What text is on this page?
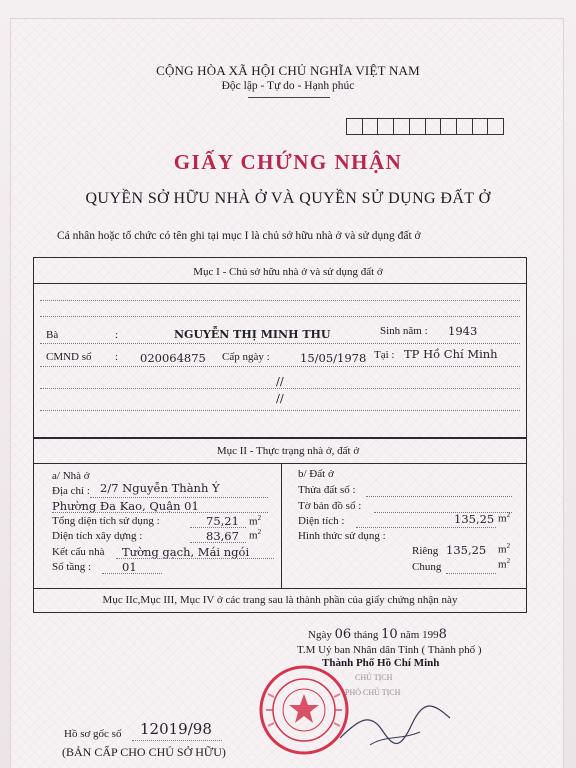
CỘNG HÒA XÃ HỘI CHỦ NGHĨA VIỆT NAM
Độc lập - Tự do - Hạnh phúc
GIẤY CHỨNG NHẬN
QUYỀN SỞ HỮU NHÀ Ở VÀ QUYỀN SỬ DỤNG ĐẤT Ở
Cá nhân hoặc tổ chức có tên ghi tại mục I là chủ sở hữu nhà ở và sử dụng đất ở
Mục I - Chủ sở hữu nhà ở và sử dụng đất ở
Bà	:	NGUYỄN THỊ MINH THU	Sinh năm : 1943
CMND số : 020064875 Cấp ngày :	15/05/1978 Tại : TP Hồ Chí Minh
//
//
Mục II - Thực trạng nhà ở, đất ở
a/ Nhà ở
Địa chỉ : 2/7 Nguyễn Thành Ý
Phường Đa Kao, Quận 01
Tổng diện tích sử dụng :	75,21 $m^2$
Diện tích xây dựng :	83,67 $m^2$
Kết cấu nhà Tường gạch, Mái ngói
Số tầng :	01
b/ Đất ở
Thửa đất số :
Tờ bản đồ số :
Diện tích :	135,25 $m^2$
Hình thức sử dụng :
Riêng 135,25 $m^2$
Chung	$m^2$
Mục IIc,Mục III, Mục IV ở các trang sau là thành phần của giấy chứng nhận này
Ngày 06 tháng 10 năm 1998
T.M Uỷ ban Nhân dân Tỉnh ( Thành phố )
Thành Phố Hồ Chí Minh
CHỦ TỊCH
PHÓ CHỦ TỊCH
Hồ sơ gốc số 12019/98
(BẢN CẤP CHO CHỦ SỞ HỮU)
